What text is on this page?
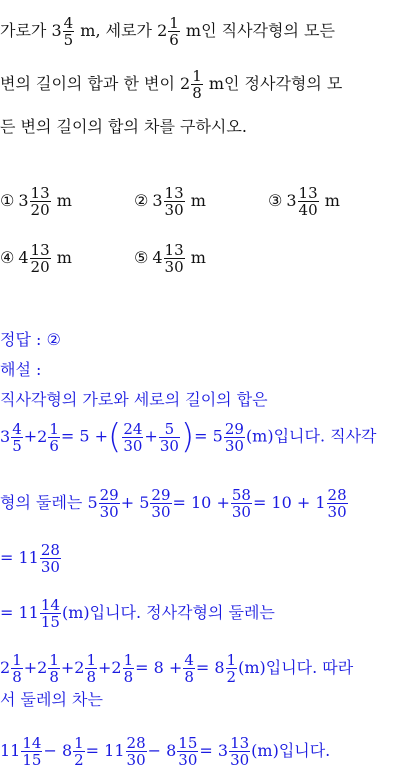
가로가 $3 \frac{4}{5} m$, 세로가 $2 \frac{1}{6}$ m인 직사각형의 모든
변의 길이의 합과 한 변이 $2 \frac{1}{8}$ m인 정사각형의 모
든 변의 길이의 합의 차를 구하시오.
① $3 \frac{13}{20}$ m	② $3 \frac{13}{30}$ m	③ $3 \frac{13}{40}$ m
④ $4 \frac{13}{20}$ m	⑤ $4 \frac{13}{30}$ m
정답 : ②
해설 :
직사각형의 가로와 세로의 길이의 합은
$3 \frac{4}{5} +2 \frac{1}{6} = 5$ +( $\frac{24}{30} + \frac{5}{30}$ )= $5 \frac{29}{30} (m)$입니다. 직사각
형의 둘레는 $5 \frac{29}{30} + 5 \frac{29}{30} = 10 + \frac{58}{30} = 10 + 1 \frac{28}{30}$
= $11 \frac{28}{30}$
= $11 \frac{14}{15} (m)$입니다. 정사각형의 둘레는
$2 \frac{1}{8} +2 \frac{1}{8} +2 \frac{1}{8} +2 \frac{1}{8} = 8 + \frac{4}{8} = 8 \frac{1}{2} (m)$입니다. 따라
서 둘레의 차는
$11 \frac{14}{15} - 8 \frac{1}{2} = 11 \frac{28}{30} - 8 \frac{15}{30} = 3 \frac{13}{30} (m)$입니다.
